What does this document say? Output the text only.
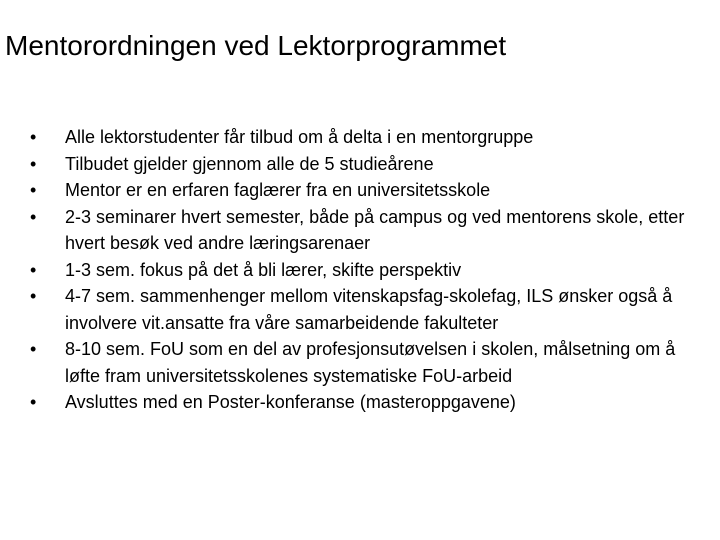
Mentorordningen ved Lektorprogrammet
•	Alle lektorstudenter får tilbud om å delta i en mentorgruppe
•	Tilbudet gjelder gjennom alle de 5 studieårene
•	Mentor er en erfaren faglærer fra en universitetsskole
•	2-3 seminarer hvert semester, både på campus og ved mentorens skole, etter hvert besøk ved andre læringsarenaer
•	1-3 sem. fokus på det å bli lærer, skifte perspektiv
•	4-7 sem. sammenhenger mellom vitenskapsfag-skolefag, ILS ønsker også å involvere vit.ansatte fra våre samarbeidende fakulteter
•	8-10 sem. FoU som en del av profesjonsutøvelsen i skolen, målsetning om å løfte fram universitetsskolenes systematiske FoU-arbeid
•	Avsluttes med en Poster-konferanse (masteroppgavene)
